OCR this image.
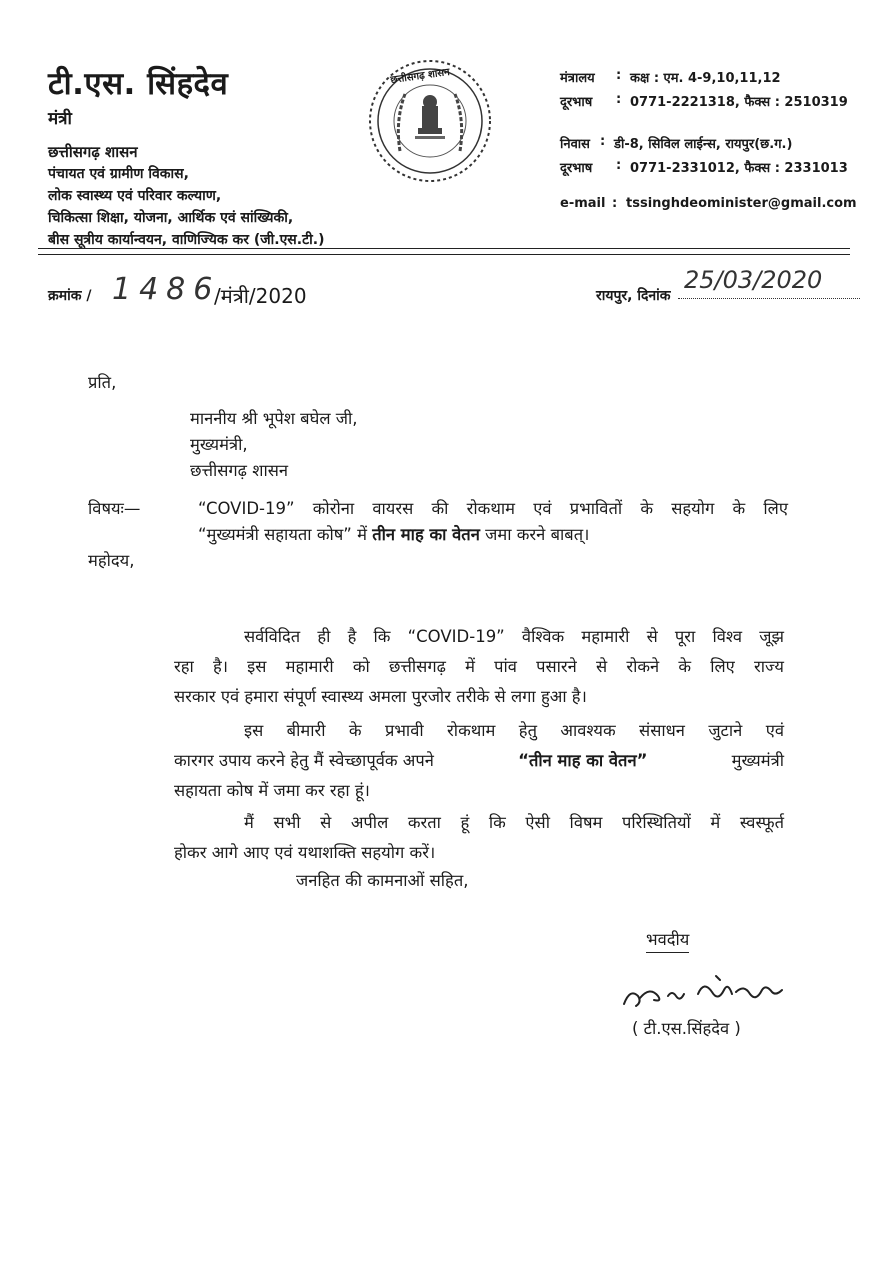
टी.एस. सिंहदेव
मंत्री
छत्तीसगढ़ शासन
पंचायत एवं ग्रामीण विकास,
लोक स्वास्थ्य एवं परिवार कल्याण,
चिकित्सा शिक्षा, योजना, आर्थिक एवं सांख्यिकी,
बीस सूत्रीय कार्यान्वयन, वाणिज्यिक कर (जी.एस.टी.)
छत्तीसगढ़ शासन	मंत्रालय : कक्ष : एम. 4-9,10,11,12
दूरभाष : 0771-2221318, फैक्स : 2510319
निवास : डी-8, सिविल लाईन्स, रायपुर(छ.ग.)
दूरभाष : 0771-2331012, फैक्स : 2331013
e-mail : tssinghdeominister@gmail.com
क्रमांक / 1486
/मंत्री/2020	रायपुर, दिनांक
25/03/2020
प्रति,
माननीय श्री भूपेश बघेल जी,
मुख्यमंत्री,
छत्तीसगढ़ शासन
विषयः—	“COVID-19” कोरोना वायरस की रोकथाम एवं प्रभावितों के सहयोग के लिए
“मुख्यमंत्री सहायता कोष” में तीन माह का वेतन जमा करने बाबत्।
महोदय,
सर्वविदित ही है कि “COVID-19” वैश्विक महामारी से पूरा विश्व जूझ
रहा है। इस महामारी को छत्तीसगढ़ में पांव पसारने से रोकने के लिए राज्य
सरकार एवं हमारा संपूर्ण स्वास्थ्य अमला पुरजोर तरीके से लगा हुआ है।
इस बीमारी के प्रभावी रोकथाम हेतु आवश्यक संसाधन जुटाने एवं
कारगर उपाय करने हेतु मैं स्वेच्छापूर्वक अपने	“तीन माह का वेतन”	मुख्यमंत्री
सहायता कोष में जमा कर रहा हूं।
मैं सभी से अपील करता हूं कि ऐसी विषम परिस्थितियों में स्वस्फूर्त
होकर आगे आए एवं यथाशक्ति सहयोग करें।
जनहित की कामनाओं सहित,
भवदीय
( टी.एस.सिंहदेव )
